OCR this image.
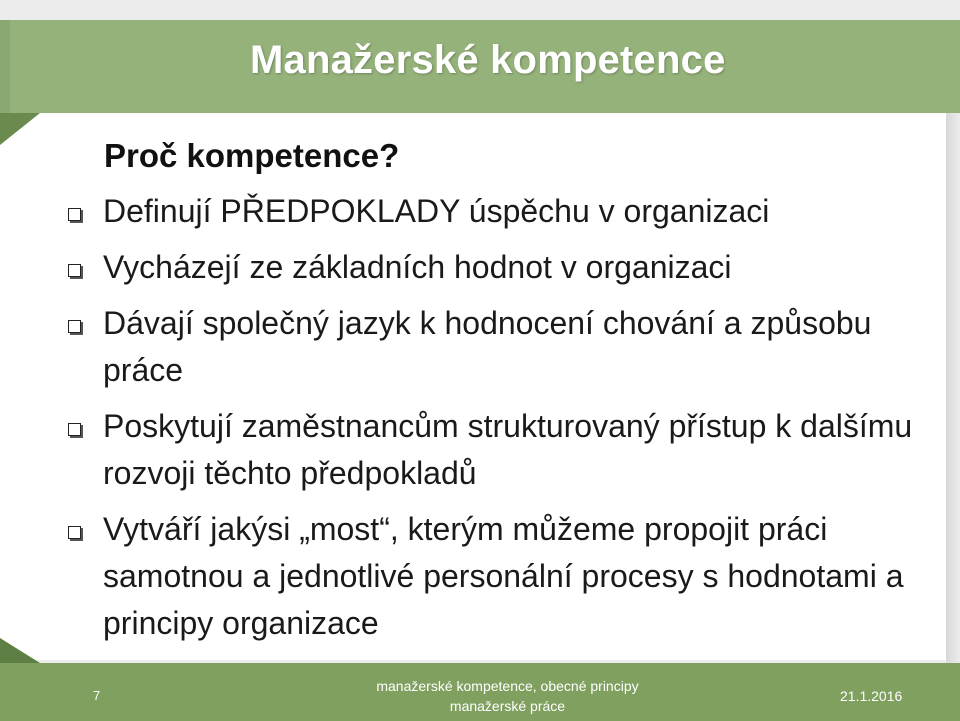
Manažerské kompetence
Proč kompetence?
Definují PŘEDPOKLADY úspěchu v organizaci
Vycházejí ze základních hodnot v organizaci
Dávají společný jazyk k hodnocení chování a způsobu práce
Poskytují zaměstnancům strukturovaný přístup k dalšímu rozvoji těchto předpokladů
Vytváří jakýsi „most“, kterým můžeme propojit práci samotnou a jednotlivé personální procesy s hodnotami a principy organizace
7
manažerské kompetence, obecné principy
manažerské práce
21.1.2016
